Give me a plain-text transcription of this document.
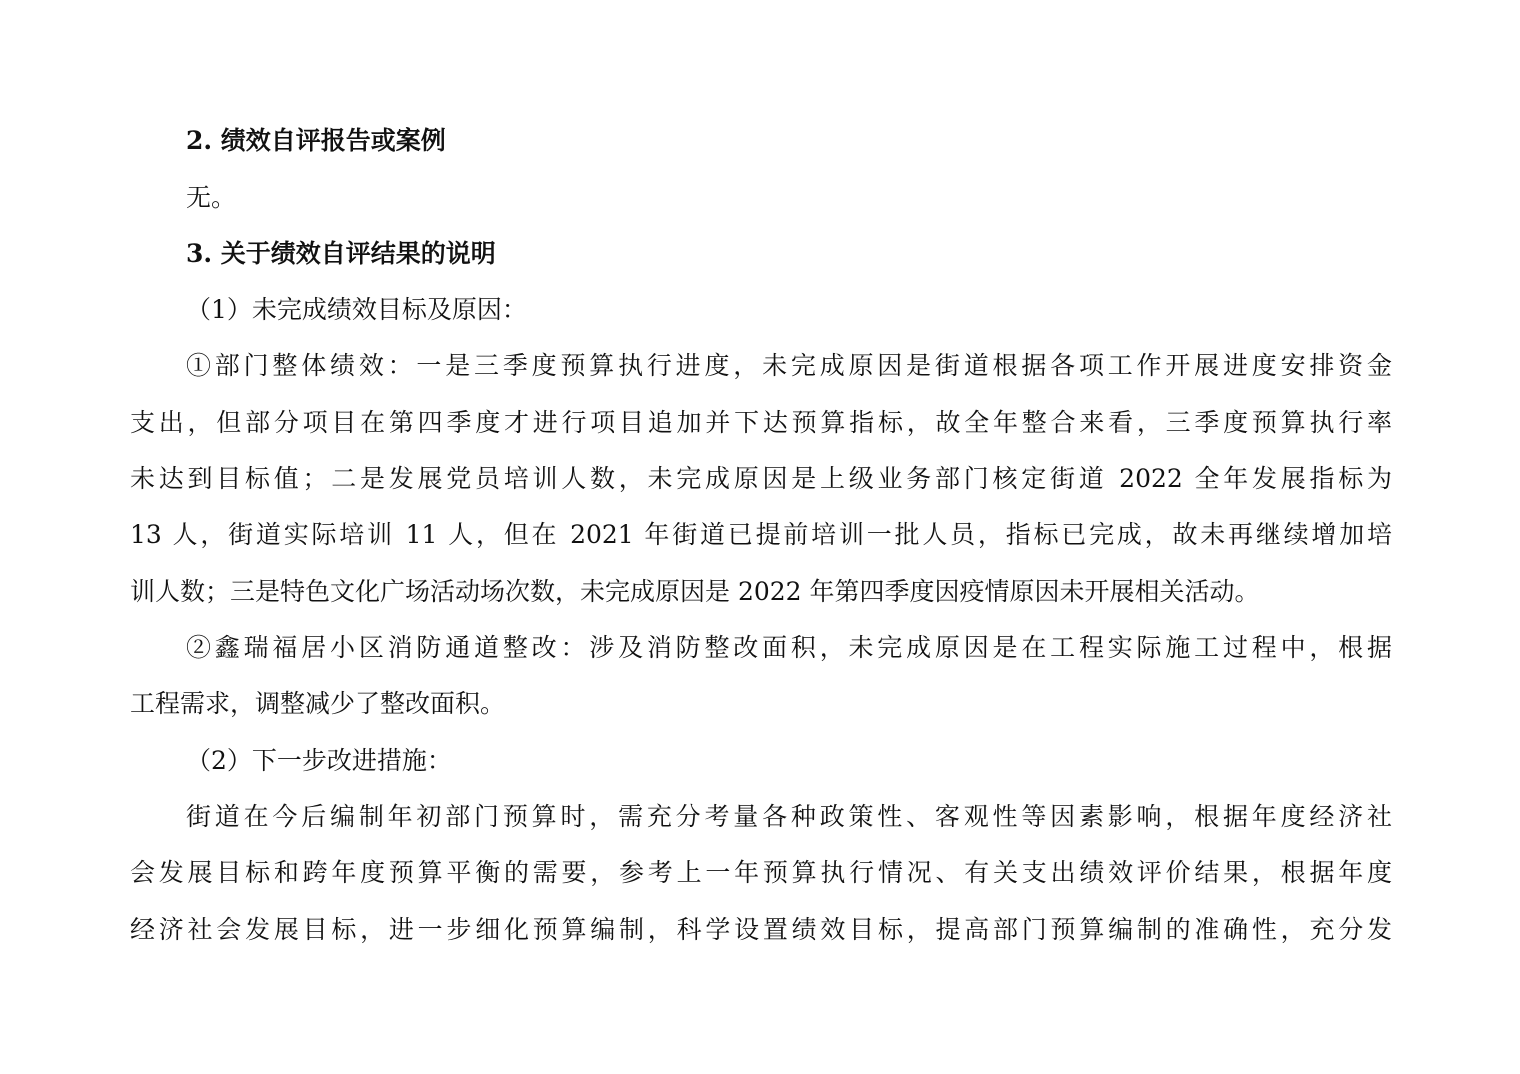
2. 绩效自评报告或案例
无。
3. 关于绩效自评结果的说明
（1）未完成绩效目标及原因：
①部门整体绩效：一是三季度预算执行进度，未完成原因是街道根据各项工作开展进度安排资金
支出，但部分项目在第四季度才进行项目追加并下达预算指标，故全年整合来看，三季度预算执行率
未达到目标值；二是发展党员培训人数，未完成原因是上级业务部门核定街道 2022 全年发展指标为
13 人，街道实际培训 11 人，但在 2021 年街道已提前培训一批人员，指标已完成，故未再继续增加培
训人数；三是特色文化广场活动场次数，未完成原因是 2022 年第四季度因疫情原因未开展相关活动。
②鑫瑞福居小区消防通道整改：涉及消防整改面积，未完成原因是在工程实际施工过程中，根据
工程需求，调整减少了整改面积。
（2）下一步改进措施：
街道在今后编制年初部门预算时，需充分考量各种政策性、客观性等因素影响，根据年度经济社
会发展目标和跨年度预算平衡的需要，参考上一年预算执行情况、有关支出绩效评价结果，根据年度
经济社会发展目标，进一步细化预算编制，科学设置绩效目标，提高部门预算编制的准确性，充分发
